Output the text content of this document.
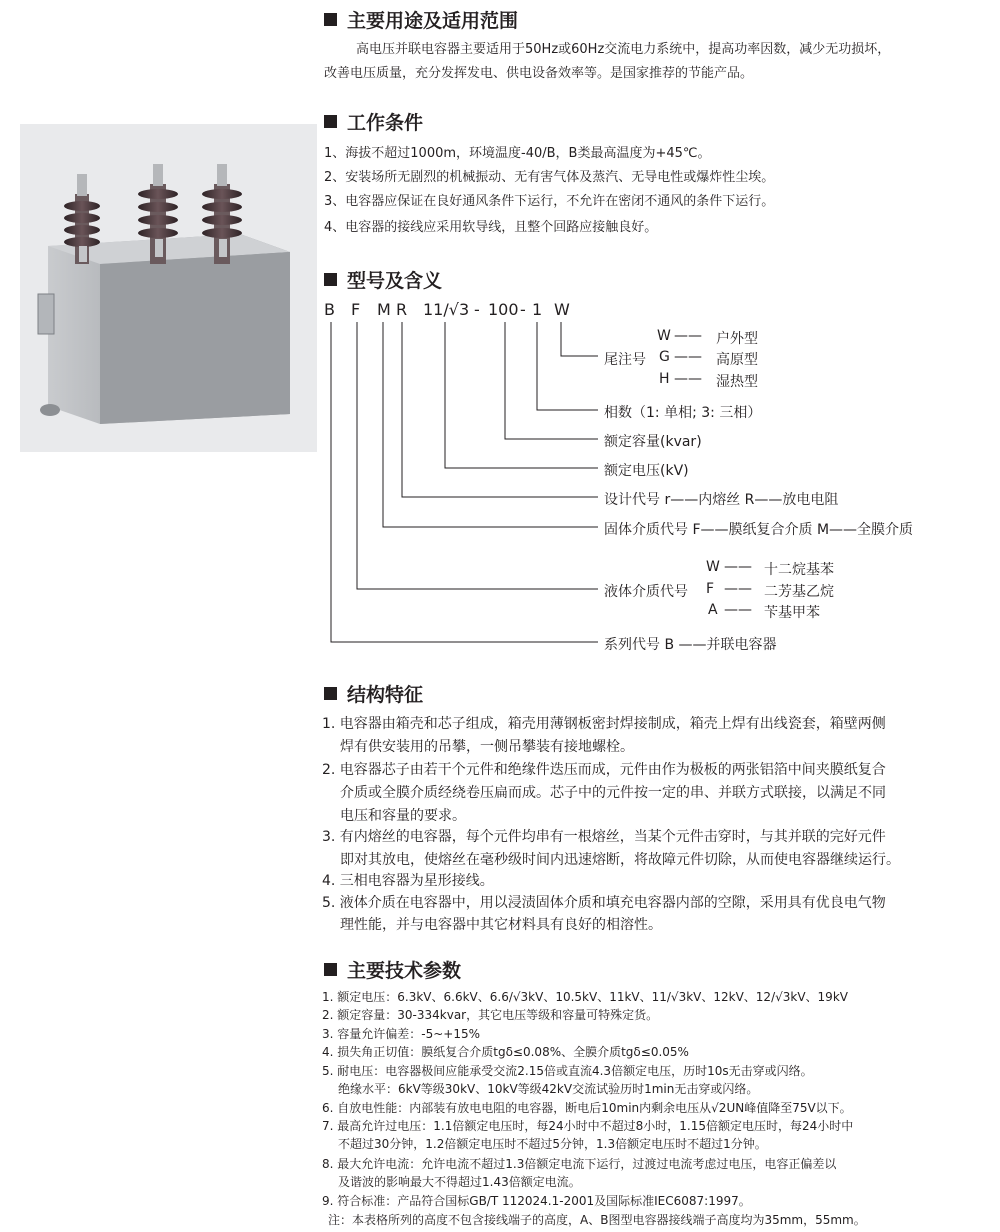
主要用途及适用范围
高电压并联电容器主要适用于50Hz或60Hz交流电力系统中，提高功率因数，减少无功损坏，
改善电压质量，充分发挥发电、供电设备效率等。是国家推荐的节能产品。
工作条件
1、海拔不超过1000m，环境温度-40/B，B类最高温度为+45℃。
2、安装场所无剧烈的机械振动、无有害气体及蒸汽、无导电性或爆炸性尘埃。
3、电容器应保证在良好通风条件下运行，不允许在密闭不通风的条件下运行。
4、电容器的接线应采用软导线，且整个回路应接触良好。
型号及含义
B F M R 11/√3 - 100 - 1 W
W —— 户外型
尾注号 G —— 高原型
H —— 湿热型
相数（1: 单相; 3: 三相）
额定容量(kvar)
额定电压(kV)
设计代号 r——内熔丝 R——放电电阻
固体介质代号 F——膜纸复合介质 M——全膜介质
W —— 十二烷基苯
液体介质代号 F —— 二芳基乙烷
A —— 苄基甲苯
系列代号 B ——并联电容器
结构特征
1. 电容器由箱壳和芯子组成，箱壳用薄钢板密封焊接制成，箱壳上焊有出线瓷套，箱壁两侧
焊有供安装用的吊攀，一侧吊攀装有接地螺栓。
2. 电容器芯子由若干个元件和绝缘件迭压而成，元件由作为极板的两张铝箔中间夹膜纸复合
介质或全膜介质经绕卷压扁而成。芯子中的元件按一定的串、并联方式联接，以满足不同
电压和容量的要求。
3. 有内熔丝的电容器，每个元件均串有一根熔丝，当某个元件击穿时，与其并联的完好元件
即对其放电，使熔丝在毫秒级时间内迅速熔断，将故障元件切除，从而使电容器继续运行。
4. 三相电容器为星形接线。
5. 液体介质在电容器中，用以浸渍固体介质和填充电容器内部的空隙，采用具有优良电气物
理性能，并与电容器中其它材料具有良好的相溶性。
主要技术参数
1. 额定电压：6.3kV、6.6kV、6.6/√3kV、10.5kV、11kV、11/√3kV、12kV、12/√3kV、19kV
2. 额定容量：30-334kvar，其它电压等级和容量可特殊定货。
3. 容量允许偏差：-5~+15%
4. 损失角正切值：膜纸复合介质tgδ≤0.08%、全膜介质tgδ≤0.05%
5. 耐电压：电容器极间应能承受交流2.15倍或直流4.3倍额定电压，历时10s无击穿或闪络。
绝缘水平：6kV等级30kV、10kV等级42kV交流试验历时1min无击穿或闪络。
6. 自放电性能：内部装有放电电阻的电容器，断电后10min内剩余电压从√2UN峰值降至75V以下。
7. 最高允许过电压：1.1倍额定电压时，每24小时中不超过8小时，1.15倍额定电压时，每24小时中
不超过30分钟，1.2倍额定电压时不超过5分钟，1.3倍额定电压时不超过1分钟。
8. 最大允许电流：允许电流不超过1.3倍额定电流下运行，过渡过电流考虑过电压，电容正偏差以
及谐波的影响最大不得超过1.43倍额定电流。
9. 符合标准：产品符合国标GB/T 112024.1-2001及国际标准IEC6087:1997。
注：本表格所列的高度不包含接线端子的高度，A、B图型电容器接线端子高度均为35mm，55mm。
